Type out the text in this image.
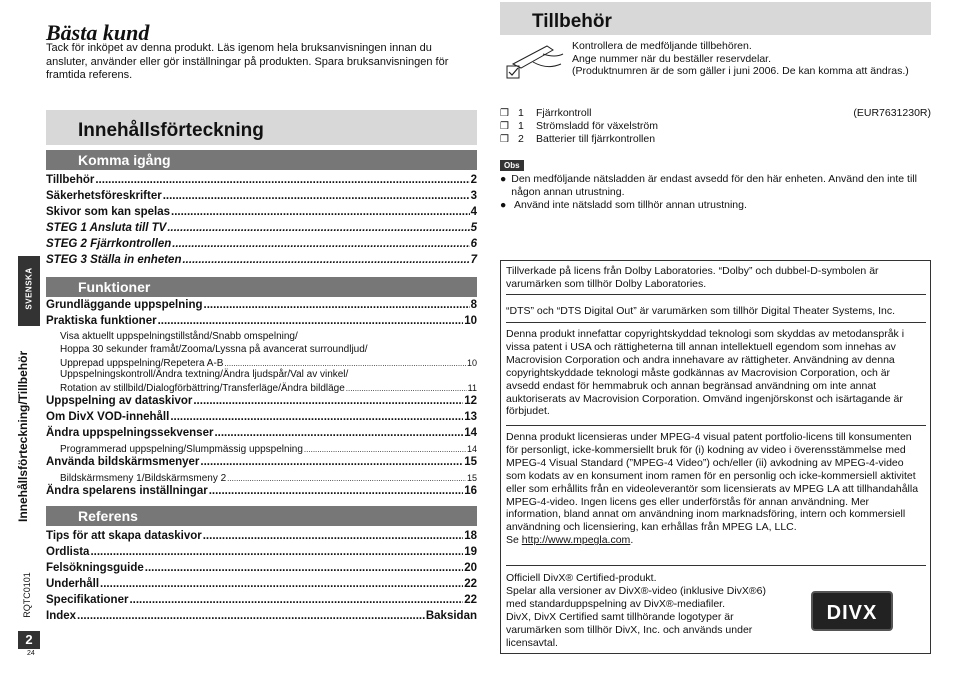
SVENSKA
Innehållsförteckning/Tillbehör
RQTC0101
2
24
Bästa kund
Tack för inköpet av denna produkt. Läs igenom hela bruksanvisningen innan du ansluter, använder eller gör inställningar på produkten. Spara bruksanvisningen för framtida referens.
Innehållsförteckning
Komma igång
Tillbehör .....	2
Säkerhetsföreskrifter .....	3
Skivor som kan spelas .....	4
STEG 1 Ansluta till TV .....	5
STEG 2 Fjärrkontrollen .....	6
STEG 3 Ställa in enheten .....	7
Funktioner
Grundläggande uppspelning .....	8
Praktiska funktioner .....	10
Visa aktuellt uppspelningstillstånd/Snabb omspelning/
Hoppa 30 sekunder framåt/Zooma/Lyssna på avancerat surroundljud/
Upprepad uppspelning/Repetera A-B .....	10
Uppspelningskontroll/Ändra textning/Ändra ljudspår/Val av vinkel/
Rotation av stillbild/Dialogförbättring/Transferläge/Ändra bildläge .....	11
Uppspelning av dataskivor .....	12
Om DivX VOD-innehåll .....	13
Ändra uppspelningssekvenser .....	14
Programmerad uppspelning/Slumpmässig uppspelning .....	14
Använda bildskärmsmenyer .....	15
Bildskärmsmeny 1/Bildskärmsmeny 2 .....	15
Ändra spelarens inställningar .....	16
Referens
Tips för att skapa dataskivor .....	18
Ordlista .....	19
Felsökningsguide .....	20
Underhåll .....	22
Specifikationer .....	22
Index .....	Baksidan
Tillbehör
Kontrollera de medföljande tillbehören.
Ange nummer när du beställer reservdelar.
(Produktnumren är de som gäller i juni 2006. De kan komma att ändras.)
❒ 1	Fjärrkontroll	(EUR7631230R)
❒ 1	Strömsladd för växelström
❒ 2	Batterier till fjärrkontrollen
Obs
● Den medföljande nätsladden är endast avsedd för den här enheten. Använd den inte till någon annan utrustning.
● Använd inte nätsladd som tillhör annan utrustning.
Tillverkade på licens från Dolby Laboratories. “Dolby” och dubbel-D-symbolen är varumärken som tillhör Dolby Laboratories.
“DTS” och “DTS Digital Out” är varumärken som tillhör Digital Theater Systems, Inc.
Denna produkt innefattar copyrightskyddad teknologi som skyddas av metodanspråk i vissa patent i USA och rättigheterna till annan intellektuell egendom som innehas av Macrovision Corporation och andra innehavare av rättigheter. Användning av denna copyrightskyddade teknologi måste godkännas av Macrovision Corporation, och är avsedd endast för hemmabruk och annan begränsad användning om inte annat auktoriserats av Macrovision Corporation. Omvänd ingenjörskonst och isärtagande är förbjudet.
Denna produkt licensieras under MPEG-4 visual patent portfolio-licens till konsumenten för personligt, icke-kommersiellt bruk för (i) kodning av video i överensstämmelse med MPEG-4 Visual Standard (”MPEG-4 Video”) och/eller (ii) avkodning av MPEG-4-video som kodats av en konsument inom ramen för en personlig och icke-kommersiell aktivitet eller som erhållits från en videoleverantör som licensierats av MPEG LA att tillhandahålla MPEG-4-video. Ingen licens ges eller underförstås för annan användning. Mer information, bland annat om användning inom marknadsföring, intern och kommersiell användning och licensiering, kan erhållas från MPEG LA, LLC.
Se http://www.mpegla.com.
Officiell DivX® Certified-produkt.
Spelar alla versioner av DivX®-video (inklusive DivX®6)
med standarduppspelning av DivX®-mediafiler.
DivX, DivX Certified samt tillhörande logotyper är
varumärken som tillhör DivX, Inc. och används under
licensavtal.
DIVX
